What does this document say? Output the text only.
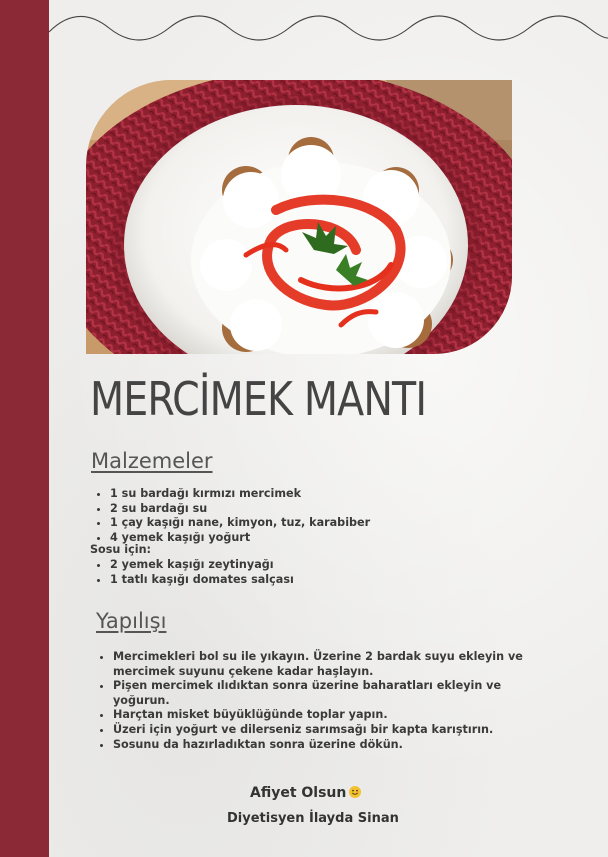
MERCİMEK MANTI
Malzemeler
• 1 su bardağı kırmızı mercimek
• 2 su bardağı su
• 1 çay kaşığı nane, kimyon, tuz, karabiber
• 4 yemek kaşığı yoğurt
Sosu için:
• 2 yemek kaşığı zeytinyağı
• 1 tatlı kaşığı domates salçası
Yapılışı
• Mercimekleri bol su ile yıkayın. Üzerine 2 bardak suyu ekleyin ve mercimek suyunu çekene kadar haşlayın.
• Pişen mercimek ılıdıktan sonra üzerine baharatları ekleyin ve yoğurun.
• Harçtan misket büyüklüğünde toplar yapın.
• Üzeri için yoğurt ve dilerseniz sarımsağı bir kapta karıştırın.
• Sosunu da hazırladıktan sonra üzerine dökün.
Afiyet Olsun
Diyetisyen İlayda Sinan
